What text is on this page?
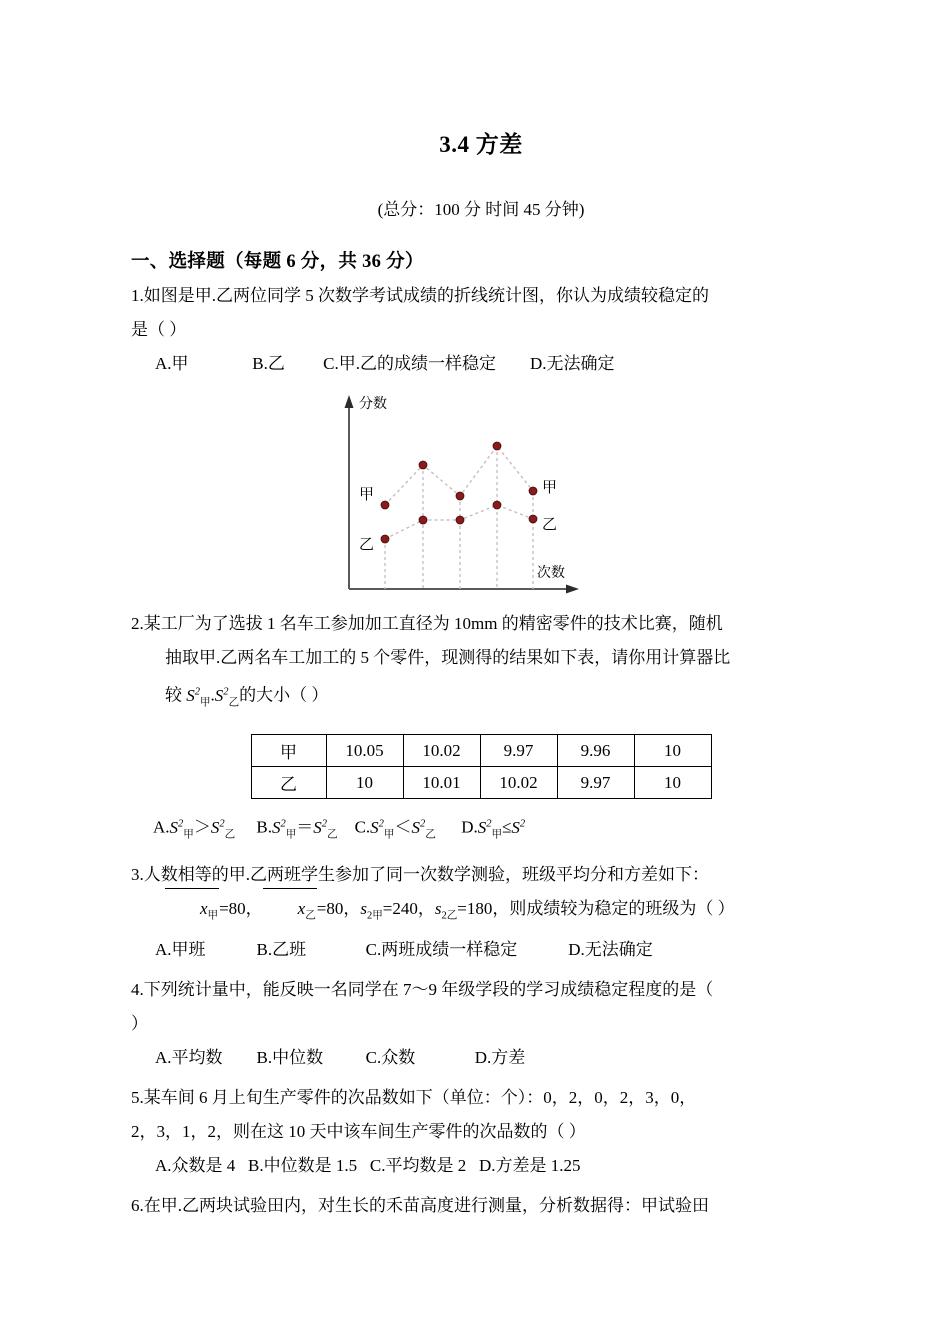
3.4 方差
(总分：100 分 时间 45 分钟)
一、选择题（每题 6 分，共 36 分）
1.如图是甲.乙两位同学 5 次数学考试成绩的折线统计图，你认为成绩较稳定的
是（ ）
A.甲               B.乙         C.甲.乙的成绩一样稳定        D.无法确定
分数
次数
甲
乙
甲
乙
2.某工厂为了选拔 1 名车工参加加工直径为 10mm 的精密零件的技术比赛，随机
抽取甲.乙两名车工加工的 5 个零件，现测得的结果如下表，请你用计算器比
较 $S^2_甲.S^2_乙$的大小（ ）
甲	10.05	10.02	9.97	9.96	10
乙	10	10.01	10.02	9.97	10
$A.S^2_甲>S^2_乙$ $B.S^2_甲=S^2_乙$ $C.S^2_甲<S^2_乙$ $D.S^2_甲\le S^2$
3.人数相等的甲.乙两班学生参加了同一次数学测验，班级平均分和方差如下：
$x_甲=80$， $x_乙=80$，$s_{2甲}=240$，$s_{2乙}=180$，则成绩较为稳定的班级为（ ）
A.甲班            B.乙班              C.两班成绩一样稳定            D.无法确定
4.下列统计量中，能反映一名同学在 7～9 年级学段的学习成绩稳定程度的是（
）
A.平均数        B.中位数          C.众数              D.方差
5.某车间 6 月上旬生产零件的次品数如下（单位：个）：0，2，0，2，3，0，
2，3，1，2，则在这 10 天中该车间生产零件的次品数的（ ）
A.众数是 4   B.中位数是 1.5   C.平均数是 2   D.方差是 1.25
6.在甲.乙两块试验田内，对生长的禾苗高度进行测量，分析数据得：甲试验田
